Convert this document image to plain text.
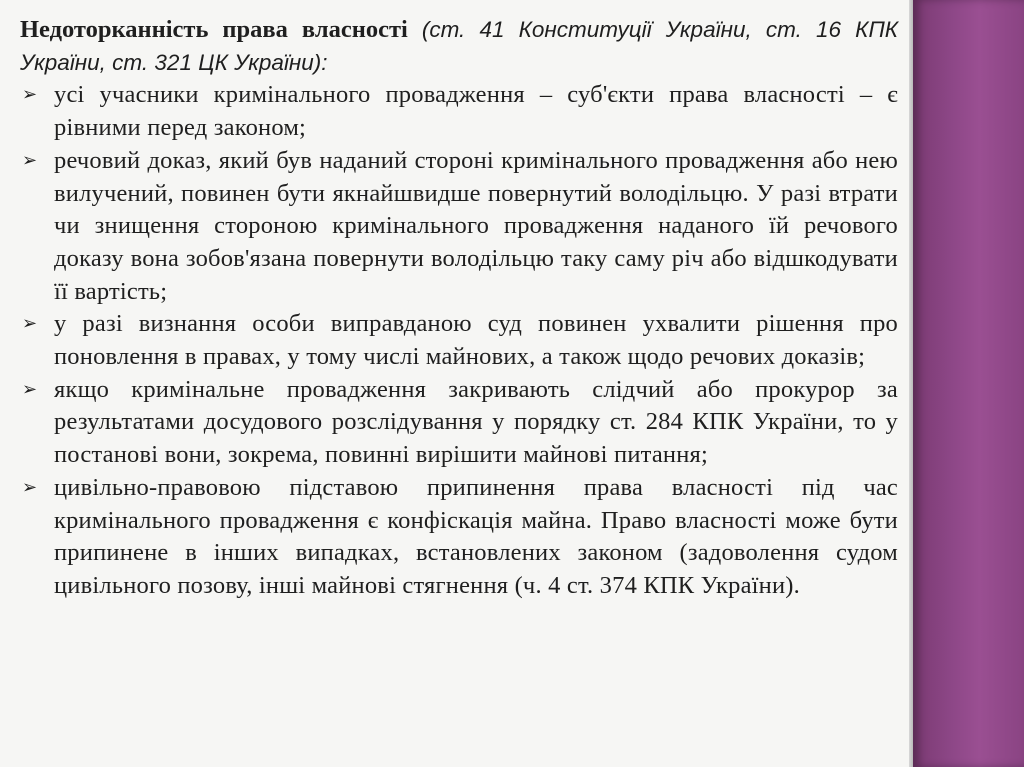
Недоторканність права власності (ст. 41 Конституції України, ст. 16 КПК України, ст. 321 ЦК України):

➢ усі учасники кримінального провадження – суб'єкти права власності – є рівними перед законом;
➢ речовий доказ, який був наданий стороні кримінального провадження або нею вилучений, повинен бути якнайшвидше повернутий володільцю. У разі втрати чи знищення стороною кримінального провадження наданого їй речового доказу вона зобов'язана повернути володільцю таку саму річ або відшкодувати її вартість;
➢ у разі визнання особи виправданою суд повинен ухвалити рішення про поновлення в правах, у тому числі майнових, а також щодо речових доказів;
➢ якщо кримінальне провадження закривають слідчий або прокурор за результатами досудового розслідування у порядку ст. 284 КПК України, то у постанові вони, зокрема, повинні вирішити майнові питання;
➢ цивільно-правовою підставою припинення права власності під час кримінального провадження є конфіскація майна. Право власності може бути припинене в інших випадках, встановлених законом (задоволення судом цивільного позову, інші майнові стягнення (ч. 4 ст. 374 КПК України).
